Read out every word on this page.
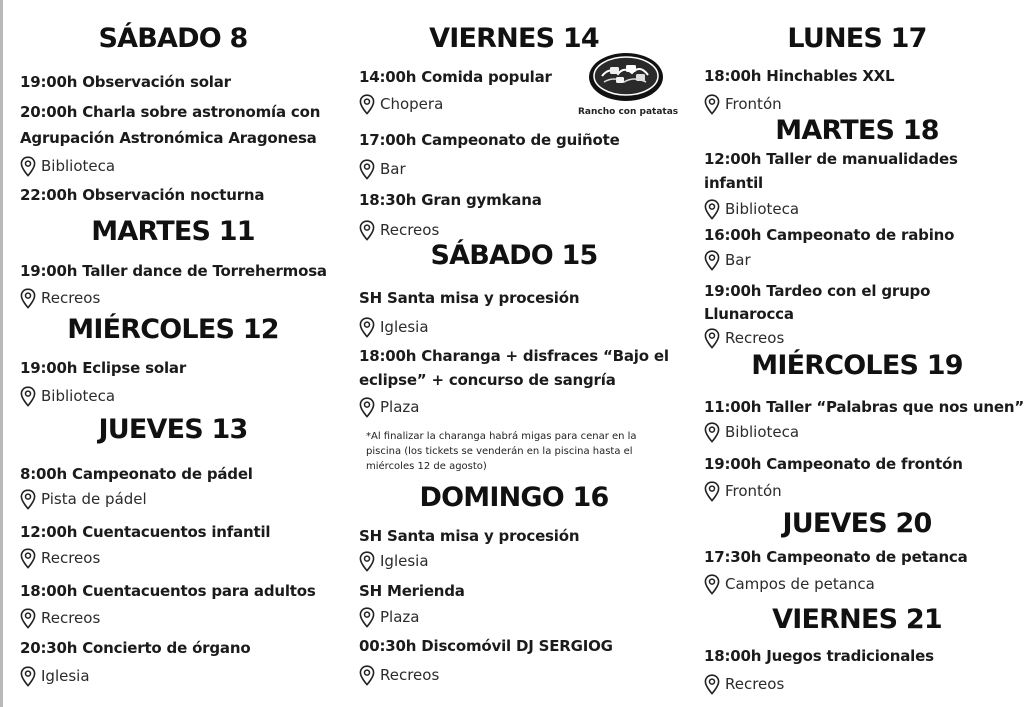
SÁBADO 8
19:00h Observación solar
20:00h Charla sobre astronomía con
Agrupación Astronómica Aragonesa
Biblioteca
22:00h Observación nocturna
MARTES 11
19:00h Taller dance de Torrehermosa
Recreos
MIÉRCOLES 12
19:00h Eclipse solar
Biblioteca
JUEVES 13
8:00h Campeonato de pádel
Pista de pádel
12:00h Cuentacuentos infantil
Recreos
18:00h Cuentacuentos para adultos
Recreos
20:30h Concierto de órgano
Iglesia
VIERNES 14
14:00h Comida popular
Chopera
17:00h Campeonato de guiñote
Bar
18:30h Gran gymkana
Recreos
SÁBADO 15
SH Santa misa y procesión
Iglesia
18:00h Charanga + disfraces “Bajo el
eclipse” + concurso de sangría
Plaza
*Al finalizar la charanga habrá migas para cenar en la piscina (los tickets se venderán en la piscina hasta el miércoles 12 de agosto)
DOMINGO 16
SH Santa misa y procesión
Iglesia
SH Merienda
Plaza
00:30h Discomóvil DJ SERGIOG
Recreos
LUNES 17
18:00h Hinchables XXL
Frontón
MARTES 18
12:00h Taller de manualidades
infantil
Biblioteca
16:00h Campeonato de rabino
Bar
19:00h Tardeo con el grupo
Llunarocca
Recreos
MIÉRCOLES 19
11:00h Taller “Palabras que nos unen”
Biblioteca
19:00h Campeonato de frontón
Frontón
JUEVES 20
17:30h Campeonato de petanca
Campos de petanca
VIERNES 21
18:00h Juegos tradicionales
Recreos
Rancho con patatas
